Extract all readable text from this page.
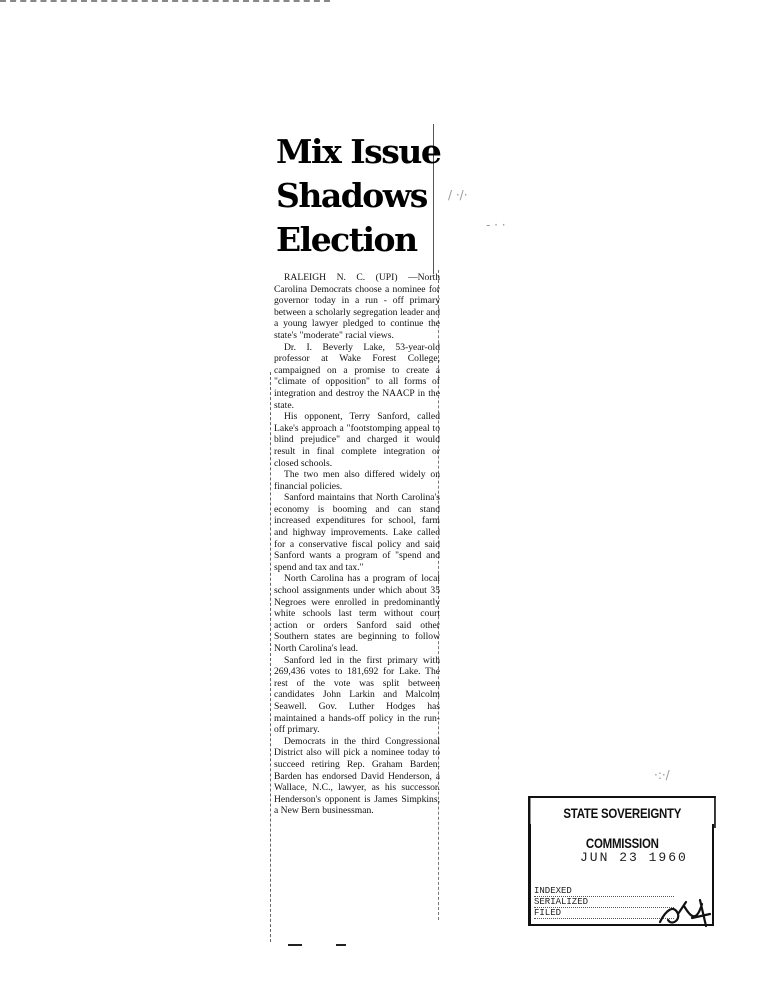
Mix Issue
Shadows
Election

RALEIGH N. C. (UPI) —North Carolina Democrats choose a nominee for governor today in a run - off primary between a scholarly segregation leader and a young lawyer pledged to continue the state's "moderate" racial views.

Dr. I. Beverly Lake, 53-year-old professor at Wake Forest College, campaigned on a promise to create a "climate of opposition" to all forms of integration and destroy the NAACP in the state.

His opponent, Terry Sanford, called Lake's approach a "footstomping appeal to blind prejudice" and charged it would result in final complete integration or closed schools.

The two men also differed widely on financial policies.

Sanford maintains that North Carolina's economy is booming and can stand increased expenditures for school, farm and highway improvements. Lake called for a conservative fiscal policy and said Sanford wants a program of "spend and spend and tax and tax."

North Carolina has a program of local school assignments under which about 35 Negroes were enrolled in predominantly white schools last term without court action or orders Sanford said other Southern states are beginning to follow North Carolina's lead.

Sanford led in the first primary with 269,436 votes to 181,692 for Lake. The rest of the vote was split between candidates John Larkin and Malcolm Seawell. Gov. Luther Hodges has maintained a hands-off policy in the run-off primary.

Democrats in the third Congressional District also will pick a nominee today to succeed retiring Rep. Graham Barden. Barden has endorsed David Henderson, a Wallace, N.C., lawyer, as his successor. Henderson's opponent is James Simpkins, a New Bern businessman.

/ ·/·
- · ·
·:·/
STATE SOVEREIGNTY COMMISSION
JUN 23 1960
INDEXED
SERIALIZED
FILED
